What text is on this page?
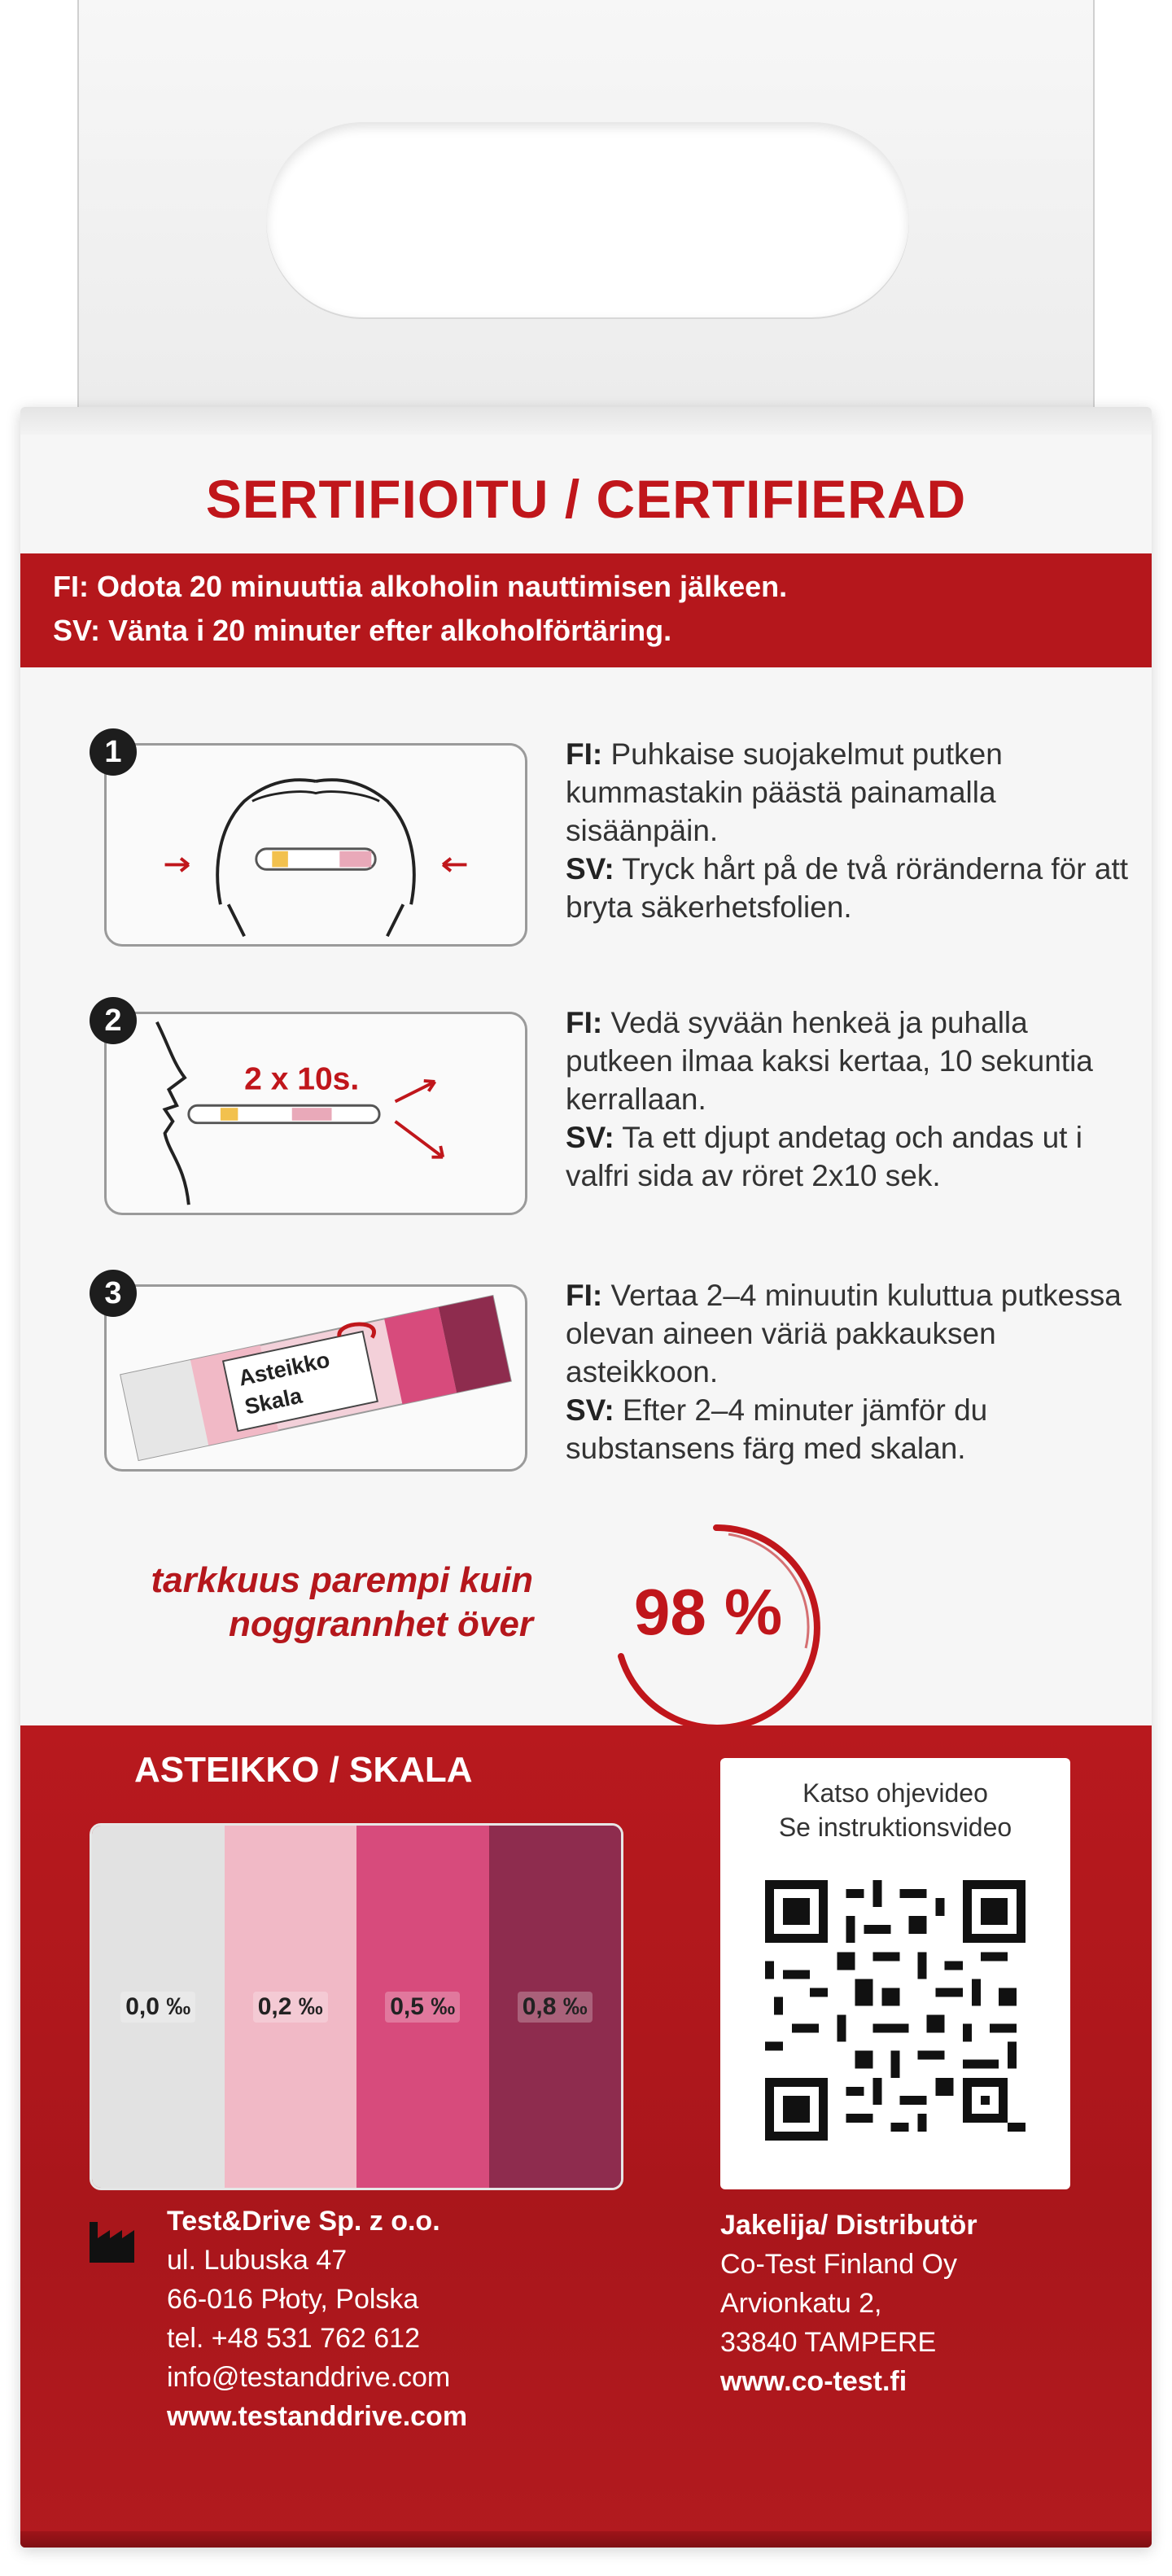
SERTIFIOITU / CERTIFIERAD
FI: Odota 20 minuuttia alkoholin nauttimisen jälkeen.
SV: Vänta i 20 minuter efter alkoholförtäring.
1	FI: Puhkaise suojakelmut putken kummastakin päästä painamalla sisäänpäin.
SV: Tryck hårt på de två röränderna för att bryta säkerhetsfolien.
2 x 10s.
2	FI: Vedä syvään henkeä ja puhalla putkeen ilmaa kaksi kertaa, 10 sekuntia kerrallaan.
SV: Ta ett djupt andetag och andas ut i valfri sida av röret 2x10 sek.
Asteikko
Skala
3	FI: Vertaa 2–4 minuutin kuluttua putkessa olevan aineen väriä pakkauksen asteikkoon.
SV: Efter 2–4 minuter jämför du substansens färg med skalan.
tarkkuus parempi kuin
noggrannhet över	98 %
ASTEIKKO / SKALA
0,0 ‰	0,2 ‰	0,5 ‰	0,8 ‰
Katso ohjevideo
Se instruktionsvideo
Test&Drive Sp. z o.o.
ul. Lubuska 47
66-016 Płoty, Polska
tel. +48 531 762 612
info@testanddrive.com
www.testanddrive.com
Jakelija/ Distributör
Co-Test Finland Oy
Arvionkatu 2,
33840 TAMPERE
www.co-test.fi
